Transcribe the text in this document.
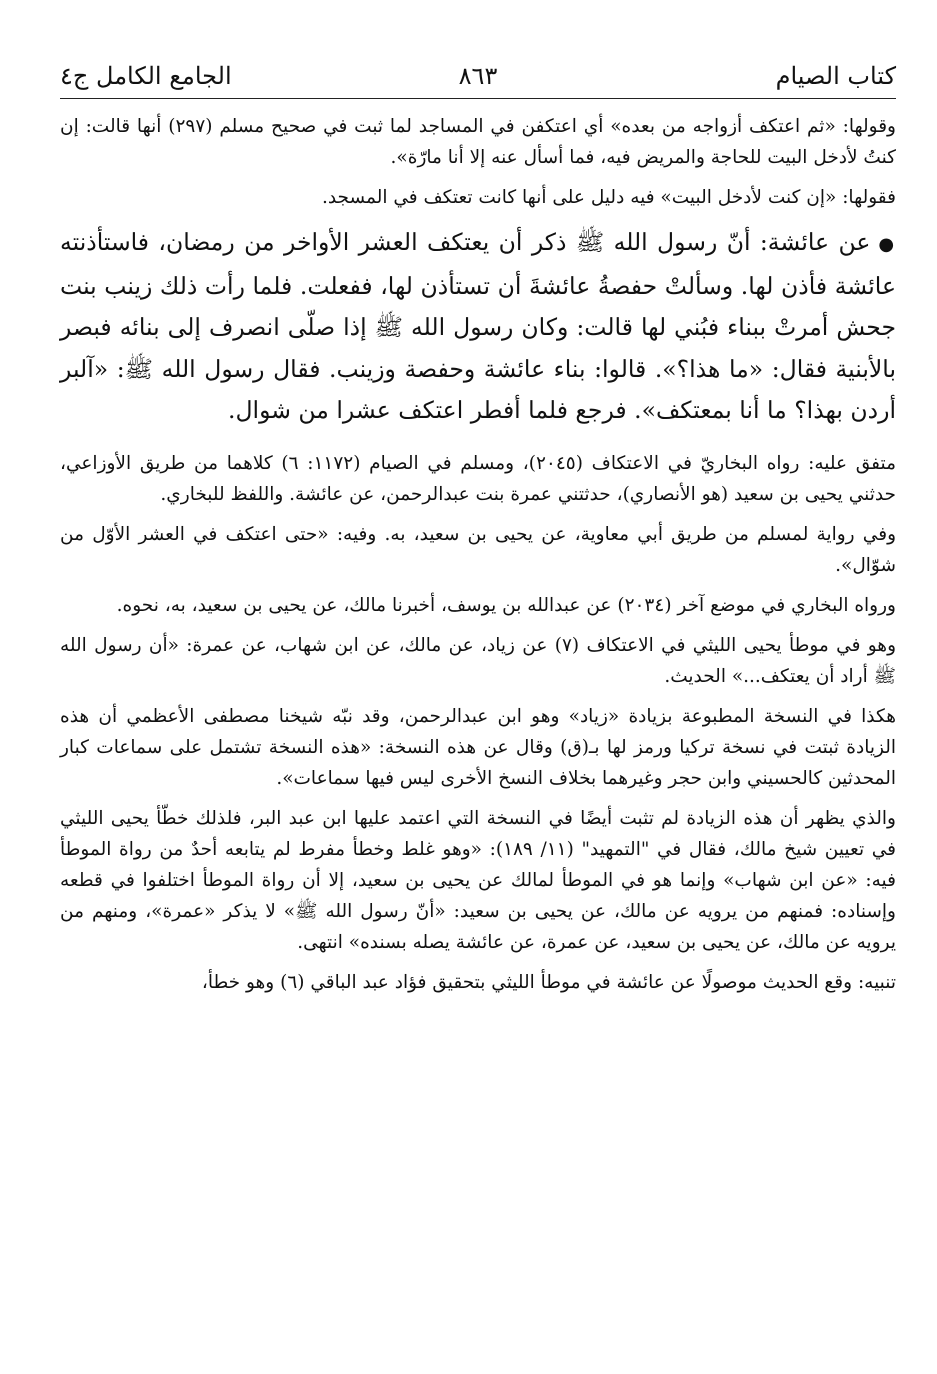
كتاب الصيام
٨٦٣
الجامع الكامل ج٤

وقولها: «ثم اعتكف أزواجه من بعده» أي اعتكفن في المساجد لما ثبت في صحيح مسلم (٢٩٧) أنها قالت: إن كنتُ لأدخل البيت للحاجة والمريض فيه، فما أسأل عنه إلا أنا مارّة».

فقولها: «إن كنت لأدخل البيت» فيه دليل على أنها كانت تعتكف في المسجد.

●عن عائشة: أنّ رسول الله ﷺ ذكر أن يعتكف العشر الأواخر من رمضان، فاستأذنته عائشة فأذن لها. وسألتْ حفصةُ عائشةَ أن تستأذن لها، ففعلت. فلما رأت ذلك زينب بنت جحش أمرتْ ببناء فبُني لها قالت: وكان رسول الله ﷺ إذا صلّى انصرف إلى بنائه فبصر بالأبنية فقال: «ما هذا؟». قالوا: بناء عائشة وحفصة وزينب. فقال رسول الله ﷺ: «آلبر أردن بهذا؟ ما أنا بمعتكف». فرجع فلما أفطر اعتكف عشرا من شوال.

متفق عليه: رواه البخاريّ في الاعتكاف (٢٠٤٥)، ومسلم في الصيام (١١٧٢: ٦) كلاهما من طريق الأوزاعي، حدثني يحيى بن سعيد (هو الأنصاري)، حدثتني عمرة بنت عبدالرحمن، عن عائشة. واللفظ للبخاري.

وفي رواية لمسلم من طريق أبي معاوية، عن يحيى بن سعيد، به. وفيه: «حتى اعتكف في العشر الأوّل من شوّال».

ورواه البخاري في موضع آخر (٢٠٣٤) عن عبدالله بن يوسف، أخبرنا مالك، عن يحيى بن سعيد، به، نحوه.

وهو في موطأ يحيى الليثي في الاعتكاف (٧) عن زياد، عن مالك، عن ابن شهاب، عن عمرة: «أن رسول الله ﷺ أراد أن يعتكف...» الحديث.

هكذا في النسخة المطبوعة بزيادة «زياد» وهو ابن عبدالرحمن، وقد نبّه شيخنا مصطفى الأعظمي أن هذه الزيادة ثبتت في نسخة تركيا ورمز لها بـ(ق) وقال عن هذه النسخة: «هذه النسخة تشتمل على سماعات كبار المحدثين كالحسيني وابن حجر وغيرهما بخلاف النسخ الأخرى ليس فيها سماعات».

والذي يظهر أن هذه الزيادة لم تثبت أيضًا في النسخة التي اعتمد عليها ابن عبد البر، فلذلك خطّأ يحيى الليثي في تعيين شيخ مالك، فقال في "التمهيد" (١١/ ١٨٩): «وهو غلط وخطأ مفرط لم يتابعه أحدٌ من رواة الموطأ فيه: «عن ابن شهاب» وإنما هو في الموطأ لمالك عن يحيى بن سعيد، إلا أن رواة الموطأ اختلفوا في قطعه وإسناده: فمنهم من يرويه عن مالك، عن يحيى بن سعيد: «أنّ رسول الله ﷺ» لا يذكر «عمرة»، ومنهم من يرويه عن مالك، عن يحيى بن سعيد، عن عمرة، عن عائشة يصله بسنده» انتهى.

تنبيه: وقع الحديث موصولًا عن عائشة في موطأ الليثي بتحقيق فؤاد عبد الباقي (٦) وهو خطأ،
